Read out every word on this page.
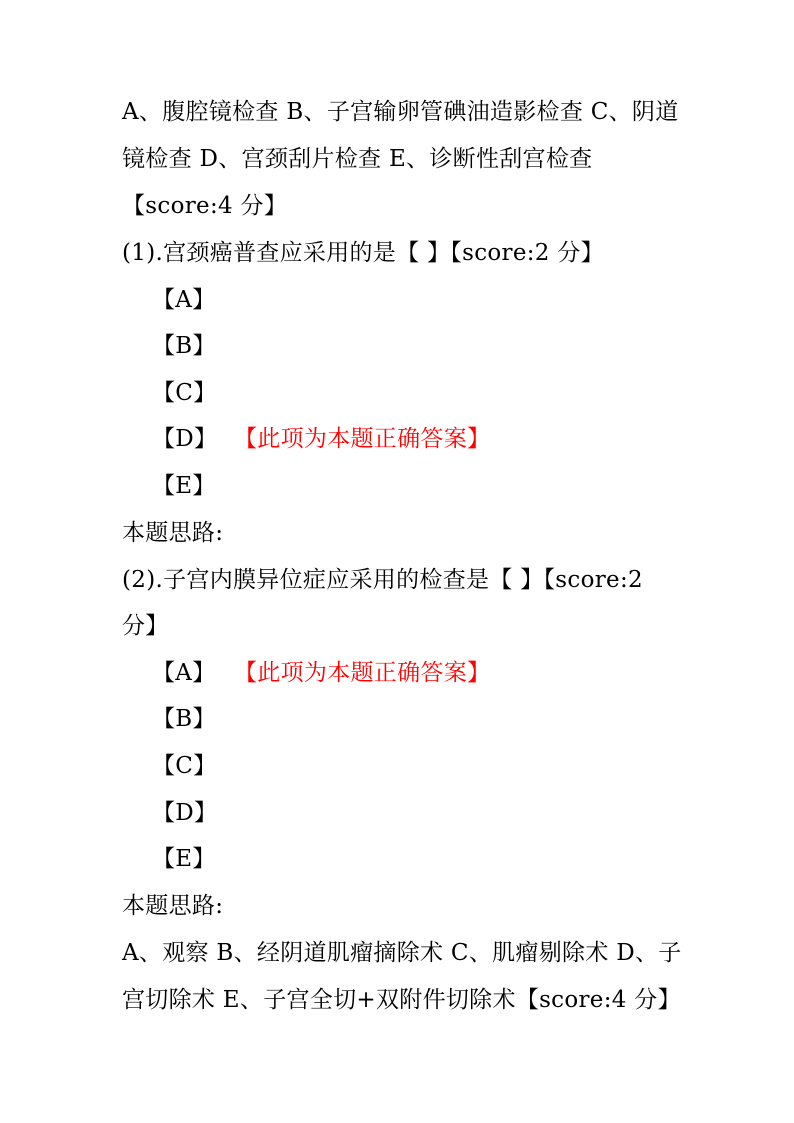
A、腹腔镜检查 B、子宫输卵管碘油造影检查 C、阴道
镜检查 D、宫颈刮片检查 E、诊断性刮宫检查
【score:4 分】
(1).宫颈癌普查应采用的是【 】【score:2 分】
【A】
【B】
【C】
【D】 【此项为本题正确答案】
【E】
本题思路:
(2).子宫内膜异位症应采用的检查是【 】【score:2
分】
【A】 【此项为本题正确答案】
【B】
【C】
【D】
【E】
本题思路:
A、观察 B、经阴道肌瘤摘除术 C、肌瘤剔除术 D、子
宫切除术 E、子宫全切+双附件切除术【score:4 分】
